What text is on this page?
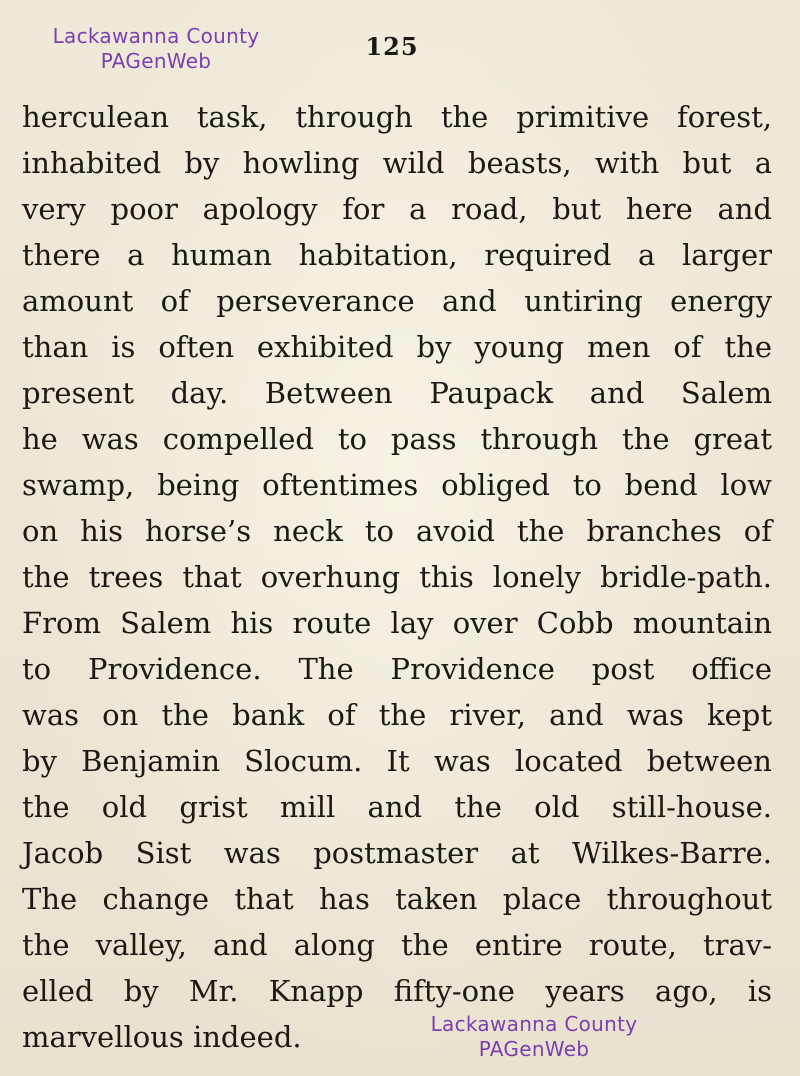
Lackawanna County
PAGenWeb	125
herculean task, through the primitive forest,
inhabited by howling wild beasts, with but a
very poor apology for a road, but here and
there a human habitation, required a larger
amount of perseverance and untiring energy
than is often exhibited by young men of the
present day. Between Paupack and Salem
he was compelled to pass through the great
swamp, being oftentimes obliged to bend low
on his horse’s neck to avoid the branches of
the trees that overhung this lonely bridle-path.
From Salem his route lay over Cobb mountain
to Providence. The Providence post office
was on the bank of the river, and was kept
by Benjamin Slocum. It was located between
the old grist mill and the old still-house.
Jacob Sist was postmaster at Wilkes-Barre.
The change that has taken place throughout
the valley, and along the entire route, trav-
elled by Mr. Knapp fifty-one years ago, is
marvellous indeed.	Lackawanna County
PAGenWeb
